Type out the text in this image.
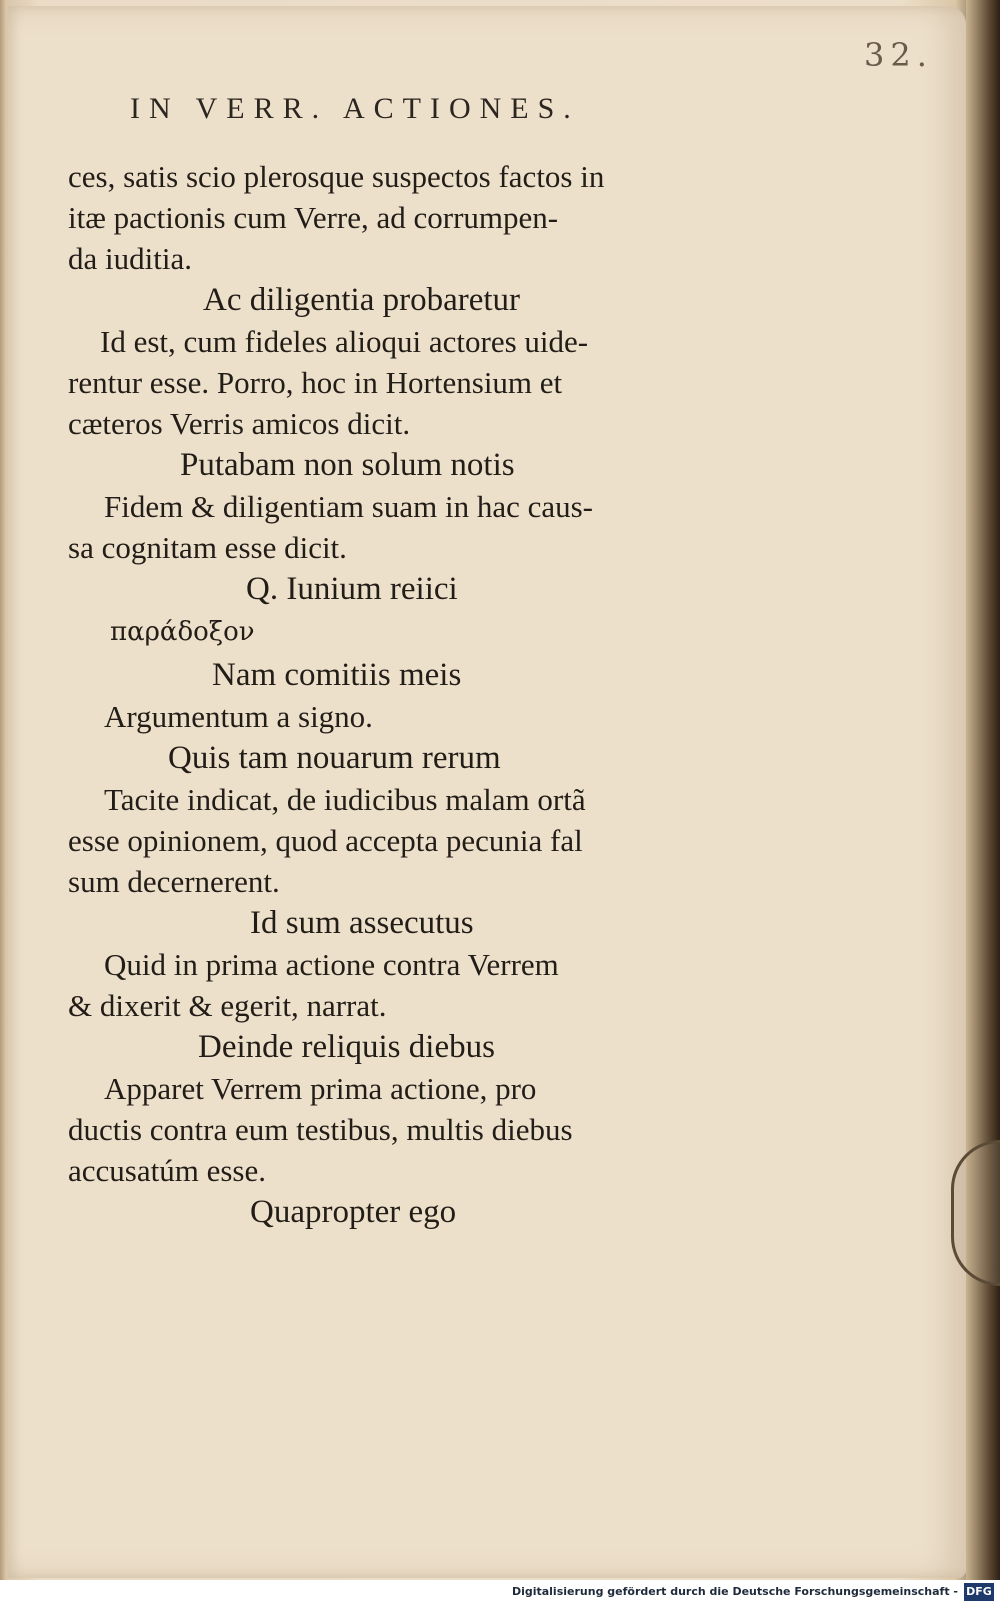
32.
IN VERR. ACTIONES.
ces, satis scio plerosque suspectos factos in
itæ pactionis cum Verre, ad corrumpen-
da iuditia.
Ac diligentia probaretur
Id est, cum fideles alioqui actores uide-
rentur esse. Porro, hoc in Hortensium et
cæteros Verris amicos dicit.
Putabam non solum notis
Fidem & diligentiam suam in hac caus-
sa cognitam esse dicit.
Q. Iunium reiici
παράδοξον
Nam comitiis meis
Argumentum a signo.
Quis tam nouarum rerum
Tacite indicat, de iudicibus malam ortã
esse opinionem, quod accepta pecunia fal
sum decernerent.
Id sum assecutus
Quid in prima actione contra Verrem
& dixerit & egerit, narrat.
Deinde reliquis diebus
Apparet Verrem prima actione, pro
ductis contra eum testibus, multis diebus
accusatúm esse.
Quapropter ego
Digitalisierung gefördert durch die Deutsche Forschungsgemeinschaft - DFG
